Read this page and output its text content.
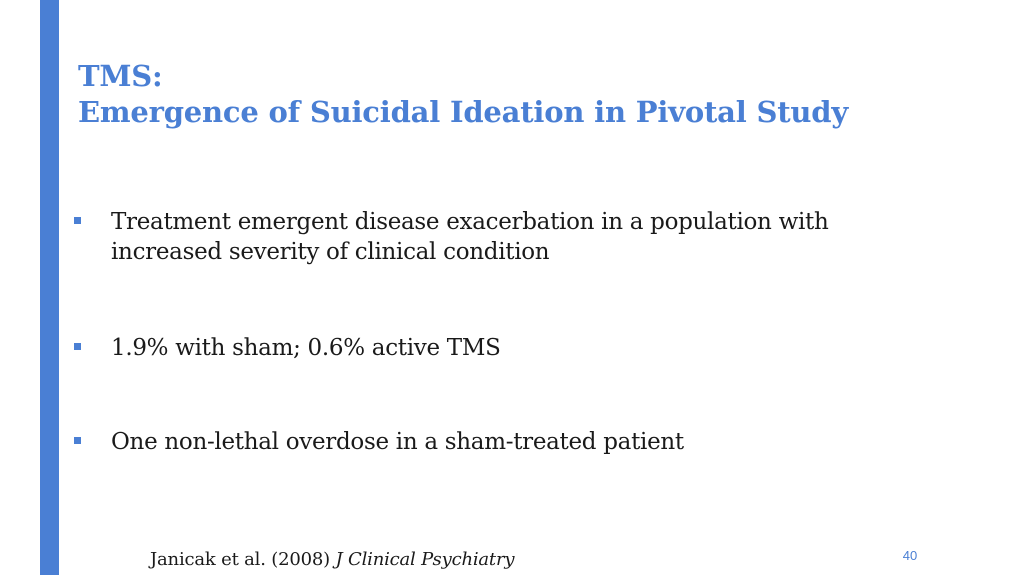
TMS:
Emergence of Suicidal Ideation in Pivotal Study
Treatment emergent disease exacerbation in a population with increased severity of clinical condition
1.9% with sham; 0.6% active TMS
One non-lethal overdose in a sham-treated patient
Janicak et al. (2008) J Clinical Psychiatry	40
